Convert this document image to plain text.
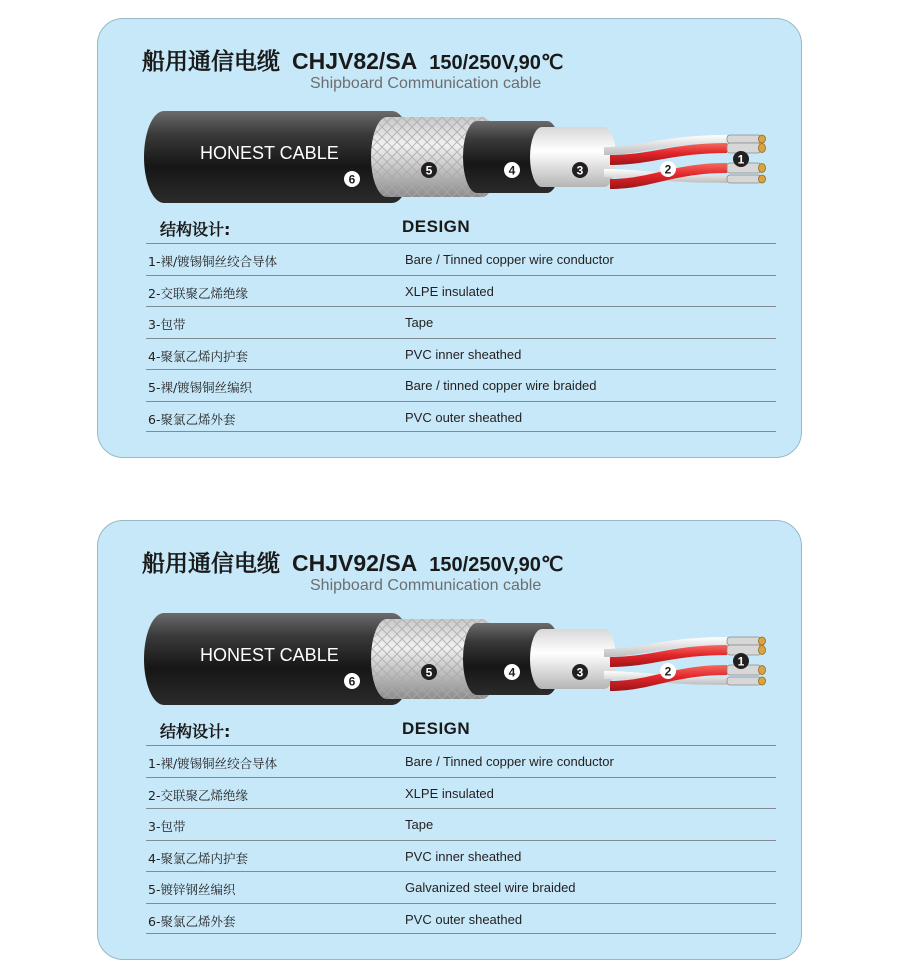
船用通信电缆 CHJV82/SA 150/250V,90℃
Shipboard Communication cable
HONEST CABLE
6
5	4	3	2
1
结构设计:	DESIGN
1-裸/镀锡铜丝绞合导体	Bare / Tinned copper wire conductor
2-交联聚乙烯绝缘	XLPE insulated
3-包带	Tape
4-聚氯乙烯内护套	PVC inner sheathed
5-裸/镀锡铜丝编织	Bare / tinned copper wire braided
6-聚氯乙烯外套	PVC outer sheathed
船用通信电缆 CHJV92/SA 150/250V,90℃
Shipboard Communication cable
HONEST CABLE
6
5	4	3	2
1
结构设计:	DESIGN
1-裸/镀锡铜丝绞合导体	Bare / Tinned copper wire conductor
2-交联聚乙烯绝缘	XLPE insulated
3-包带	Tape
4-聚氯乙烯内护套	PVC inner sheathed
5-镀锌钢丝编织	Galvanized steel wire braided
6-聚氯乙烯外套	PVC outer sheathed
